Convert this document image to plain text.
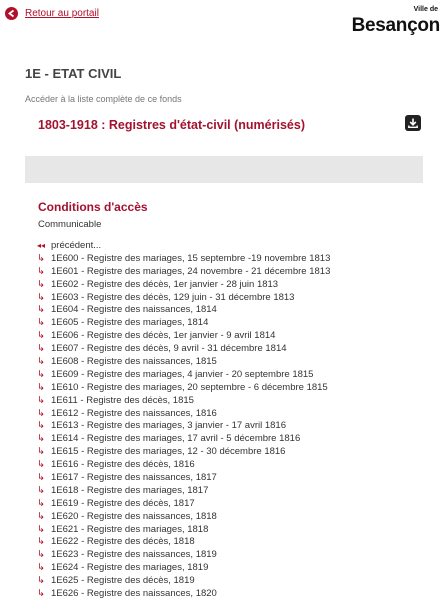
Retour au portail	Ville de
Besançon
1E - ETAT CIVIL
Accéder à la liste complète de ce fonds
1803-1918 : Registres d'état-civil (numérisés)
Conditions d'accès
Communicable
◂◂ précédent...
↳ 1E600 - Registre des mariages, 15 septembre -19 novembre 1813
↳ 1E601 - Registre des mariages, 24 novembre - 21 décembre 1813
↳ 1E602 - Registre des décès, 1er janvier - 28 juin 1813
↳ 1E603 - Registre des décès, 129 juin - 31 décembre 1813
↳ 1E604 - Registre des naissances, 1814
↳ 1E605 - Registre des mariages, 1814
↳ 1E606 - Registre des décès, 1er janvier - 9 avril 1814
↳ 1E607 - Registre des décès, 9 avril - 31 décembre 1814
↳ 1E608 - Registre des naissances, 1815
↳ 1E609 - Registre des mariages, 4 janvier - 20 septembre 1815
↳ 1E610 - Registre des mariages, 20 septembre - 6 décembre 1815
↳ 1E611 - Registre des décès, 1815
↳ 1E612 - Registre des naissances, 1816
↳ 1E613 - Registre des mariages, 3 janvier - 17 avril 1816
↳ 1E614 - Registre des mariages, 17 avril - 5 décembre 1816
↳ 1E615 - Registre des mariages, 12 - 30 décembre 1816
↳ 1E616 - Registre des décès, 1816
↳ 1E617 - Registre des naissances, 1817
↳ 1E618 - Registre des mariages, 1817
↳ 1E619 - Registre des décès, 1817
↳ 1E620 - Registre des naissances, 1818
↳ 1E621 - Registre des mariages, 1818
↳ 1E622 - Registre des décès, 1818
↳ 1E623 - Registre des naissances, 1819
↳ 1E624 - Registre des mariages, 1819
↳ 1E625 - Registre des décès, 1819
↳ 1E626 - Registre des naissances, 1820
